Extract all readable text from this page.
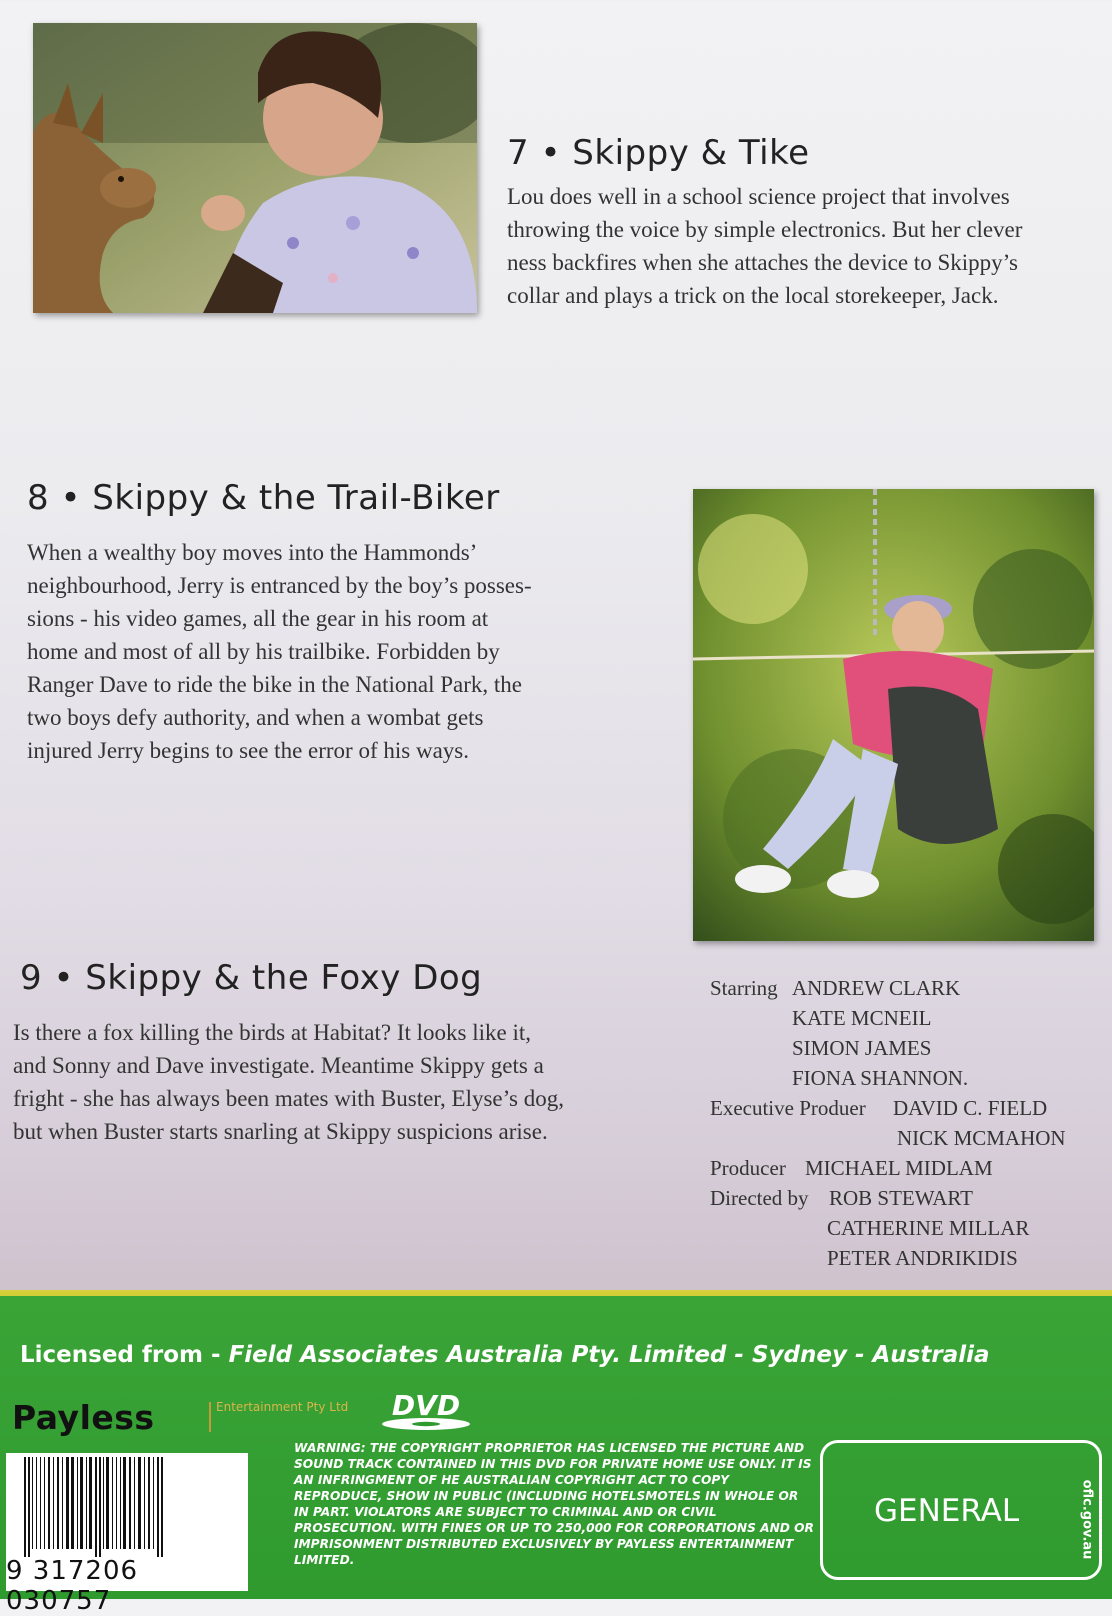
7 • Skippy & Tike
Lou does well in a school science project that involves
throwing the voice by simple electronics. But her clever
ness backfires when she attaches the device to Skippy’s
collar and plays a trick on the local storekeeper, Jack.
8 • Skippy & the Trail-Biker
When a wealthy boy moves into the Hammonds’
neighbourhood, Jerry is entranced by the boy’s posses-
sions - his video games, all the gear in his room at
home and most of all by his trailbike. Forbidden by
Ranger Dave to ride the bike in the National Park, the
two boys defy authority, and when a wombat gets
injured Jerry begins to see the error of his ways.
9 • Skippy & the Foxy Dog
Is there a fox killing the birds at Habitat? It looks like it,
and Sonny and Dave investigate. Meantime Skippy gets a
fright - she has always been mates with Buster, Elyse’s dog,
but when Buster starts snarling at Skippy suspicions arise.
Starring ANDREW CLARK
KATE MCNEIL
SIMON JAMES
FIONA SHANNON.
Executive Produer DAVID C. FIELD
NICK MCMAHON
Producer MICHAEL MIDLAM
Directed by ROB STEWART
CATHERINE MILLAR
PETER ANDRIKIDIS
Licensed from - Field Associates Australia Pty. Limited - Sydney - Australia
Payless	Entertainment Pty Ltd	DVD
WARNING: THE COPYRIGHT PROPRIETOR HAS LICENSED THE PICTURE AND SOUND TRACK CONTAINED IN THIS DVD FOR PRIVATE HOME USE ONLY. IT IS AN INFRINGMENT OF HE AUSTRALIAN COPYRIGHT ACT TO COPY REPRODUCE, SHOW IN PUBLIC (INCLUDING HOTELSMOTELS IN WHOLE OR IN PART. VIOLATORS ARE SUBJECT TO CRIMINAL AND OR CIVIL PROSECUTION. WITH FINES OR UP TO 250,000 FOR CORPORATIONS AND OR IMPRISONMENT DISTRIBUTED EXCLUSIVELY BY PAYLESS ENTERTAINMENT LIMITED.
9 317206 030757
GENERAL	oflc.gov.au
